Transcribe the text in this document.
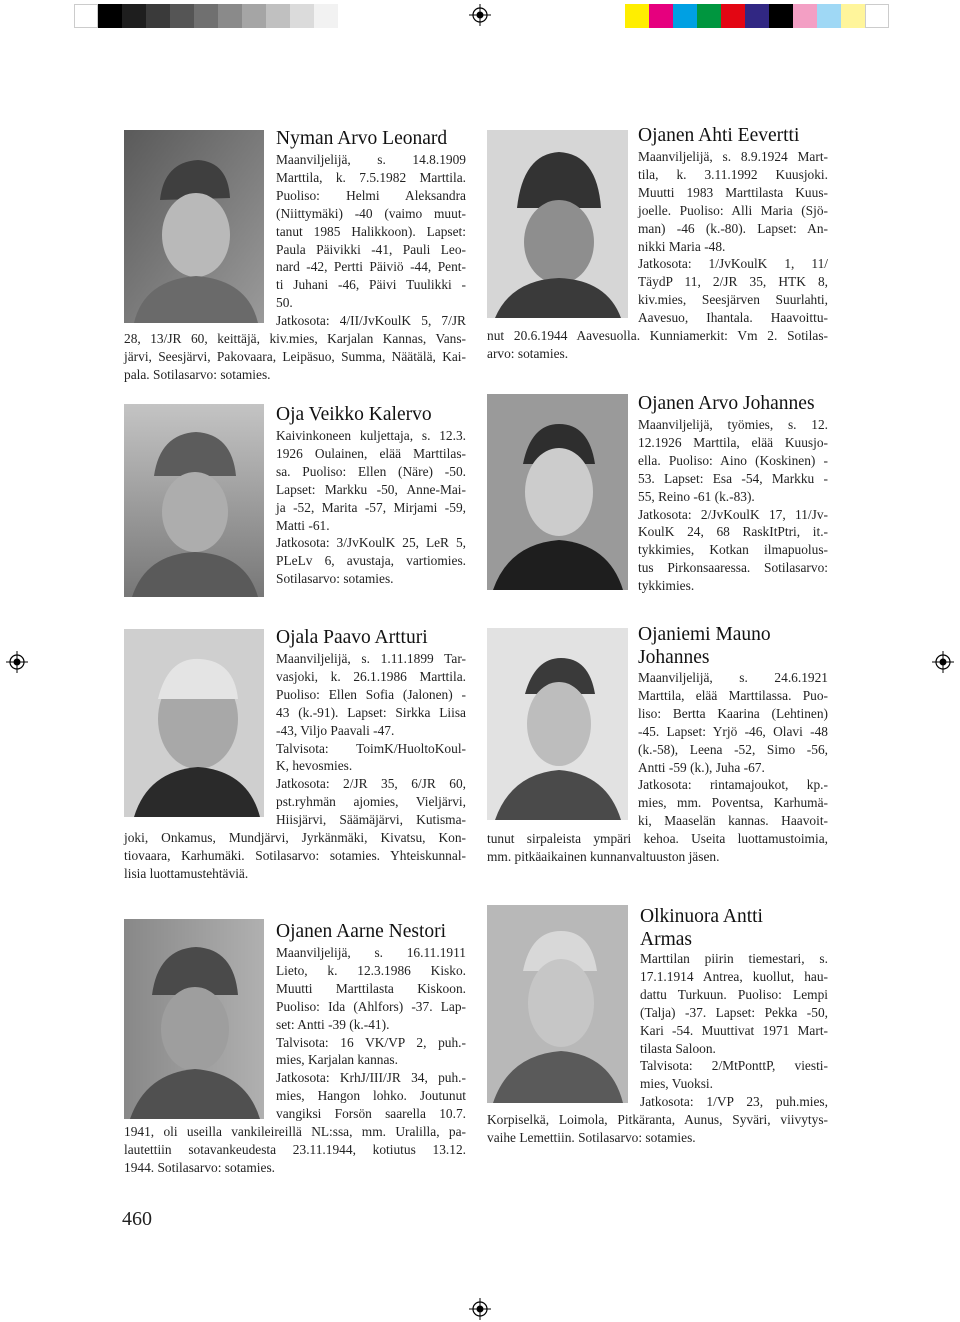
Nyman Arvo Leonard
Maanviljelijä, s. 14.8.1909
Marttila, k. 7.5.1982 Marttila.
Puoliso: Helmi Aleksandra
(Niittymäki) -40 (vaimo muut-
tanut 1985 Halikkoon). Lapset:
Paula Päivikki -41, Pauli Leo-
nard -42, Pertti Päiviö -44, Pent-
ti Juhani -46, Päivi Tuulikki -
50.
Jatkosota: 4/II/JvKoulK 5, 7/JR
28, 13/JR 60, keittäjä, kiv.mies, Karjalan Kannas, Vans-
järvi, Seesjärvi, Pakovaara, Leipäsuo, Summa, Näätälä, Kai-
pala. Sotilasarvo: sotamies.
Oja Veikko Kalervo
Kaivinkoneen kuljettaja, s. 12.3.
1926 Oulainen, elää Marttilas-
sa. Puoliso: Ellen (Näre) -50.
Lapset: Markku -50, Anne-Mai-
ja -52, Marita -57, Mirjami -59,
Matti -61.
Jatkosota: 3/JvKoulK 25, LeR 5,
PLeLv 6, avustaja, vartiomies.
Sotilasarvo: sotamies.
Ojala Paavo Artturi
Maanviljelijä, s. 1.11.1899 Tar-
vasjoki, k. 26.1.1986 Marttila.
Puoliso: Ellen Sofia (Jalonen) -
43 (k.-91). Lapset: Sirkka Liisa
-43, Viljo Paavali -47.
Talvisota: ToimK/HuoltoKoul-
K, hevosmies.
Jatkosota: 2/JR 35, 6/JR 60,
pst.ryhmän ajomies, Vieljärvi,
Hiisjärvi, Säämäjärvi, Kutisma-
joki, Onkamus, Mundjärvi, Jyrkänmäki, Kivatsu, Kon-
tiovaara, Karhumäki. Sotilasarvo: sotamies. Yhteiskunnal-
lisia luottamustehtäviä.
Ojanen Aarne Nestori
Maanviljelijä, s. 16.11.1911
Lieto, k. 12.3.1986 Kisko.
Muutti Marttilasta Kiskoon.
Puoliso: Ida (Ahlfors) -37. Lap-
set: Antti -39 (k.-41).
Talvisota: 16 VK/VP 2, puh.-
mies, Karjalan kannas.
Jatkosota: KrhJ/III/JR 34, puh.-
mies, Hangon lohko. Joutunut
vangiksi Forsön saarella 10.7.
1941, oli useilla vankileireillä NL:ssa, mm. Uralilla, pa-
lautettiin sotavankeudesta 23.11.1944, kotiutus 13.12.
1944. Sotilasarvo: sotamies.
Ojanen Ahti Eevertti
Maanviljelijä, s. 8.9.1924 Mart-
tila, k. 3.11.1992 Kuusjoki.
Muutti 1983 Marttilasta Kuus-
joelle. Puoliso: Alli Maria (Sjö-
man) -46 (k.-80). Lapset: An-
nikki Maria -48.
Jatkosota: 1/JvKoulK 1, 11/
TäydP 11, 2/JR 35, HTK 8,
kiv.mies, Seesjärven Suurlahti,
Aavesuo, Ihantala. Haavoittu-
nut 20.6.1944 Aavesuolla. Kunniamerkit: Vm 2. Sotilas-
arvo: sotamies.
Ojanen Arvo Johannes
Maanviljelijä, työmies, s. 12.
12.1926 Marttila, elää Kuusjo-
ella. Puoliso: Aino (Koskinen) -
53. Lapset: Esa -54, Markku -
55, Reino -61 (k.-83).
Jatkosota: 2/JvKoulK 17, 11/Jv-
KoulK 24, 68 RaskItPtri, it.-
tykkimies, Kotkan ilmapuolus-
tus Pirkonsaaressa. Sotilasarvo:
tykkimies.
Ojaniemi Mauno
Johannes
Maanviljelijä, s. 24.6.1921
Marttila, elää Marttilassa. Puo-
liso: Bertta Kaarina (Lehtinen)
-45. Lapset: Yrjö -46, Olavi -48
(k.-58), Leena -52, Simo -56,
Antti -59 (k.), Juha -67.
Jatkosota: rintamajoukot, kp.-
mies, mm. Poventsa, Karhumä-
ki, Maaselän kannas. Haavoit-
tunut sirpaleista ympäri kehoa. Useita luottamustoimia,
mm. pitkäaikainen kunnanvaltuuston jäsen.
Olkinuora Antti
Armas
Marttilan piirin tiemestari, s.
17.1.1914 Antrea, kuollut, hau-
dattu Turkuun. Puoliso: Lempi
(Talja) -37. Lapset: Pekka -50,
Kari -54. Muuttivat 1971 Mart-
tilasta Saloon.
Talvisota: 2/MtPonttP, viesti-
mies, Vuoksi.
Jatkosota: 1/VP 23, puh.mies,
Korpiselkä, Loimola, Pitkäranta, Aunus, Syväri, viivytys-
vaihe Lemettiin. Sotilasarvo: sotamies.
460
